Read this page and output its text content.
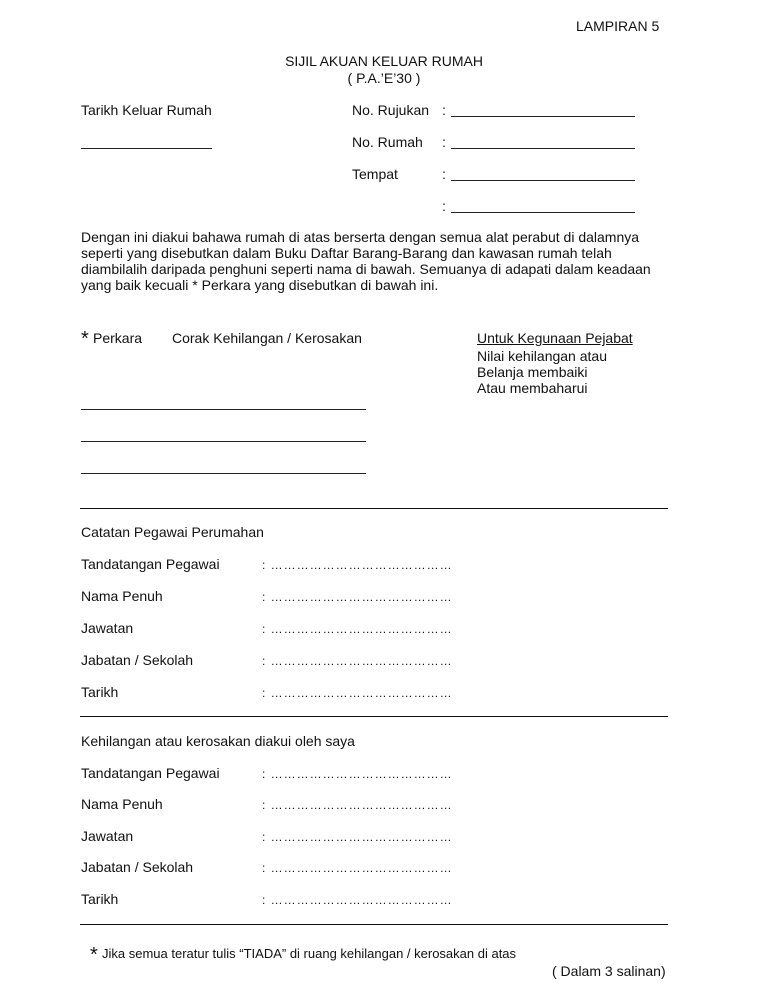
LAMPIRAN 5
SIJIL AKUAN KELUAR RUMAH
( P.A.’E’30 )
Tarikh Keluar Rumah	No. Rujukan :
No. Rumah :
Tempat	:
:
Dengan ini diakui bahawa rumah di atas berserta dengan semua alat perabut di dalamnya seperti yang disebutkan dalam Buku Daftar Barang-Barang dan kawasan rumah telah diambilalih daripada penghuni seperti nama di bawah. Semuanya di adapati dalam keadaan yang baik kecuali * Perkara yang disebutkan di bawah ini.
* Perkara Corak Kehilangan / Kerosakan	Untuk Kegunaan Pejabat
Nilai kehilangan atau
Belanja membaiki
Atau membaharui
Catatan Pegawai Perumahan
Tandatangan Pegawai	: ……………………………………
Nama Penuh	: ……………………………………
Jawatan	: ……………………………………
Jabatan / Sekolah	: ……………………………………
Tarikh	: ……………………………………
Kehilangan atau kerosakan diakui oleh saya
Tandatangan Pegawai	: ……………………………………
Nama Penuh	: ……………………………………
Jawatan	: ……………………………………
Jabatan / Sekolah	: ……………………………………
Tarikh	: ……………………………………
* Jika semua teratur tulis “TIADA” di ruang kehilangan / kerosakan di atas
( Dalam 3 salinan)
